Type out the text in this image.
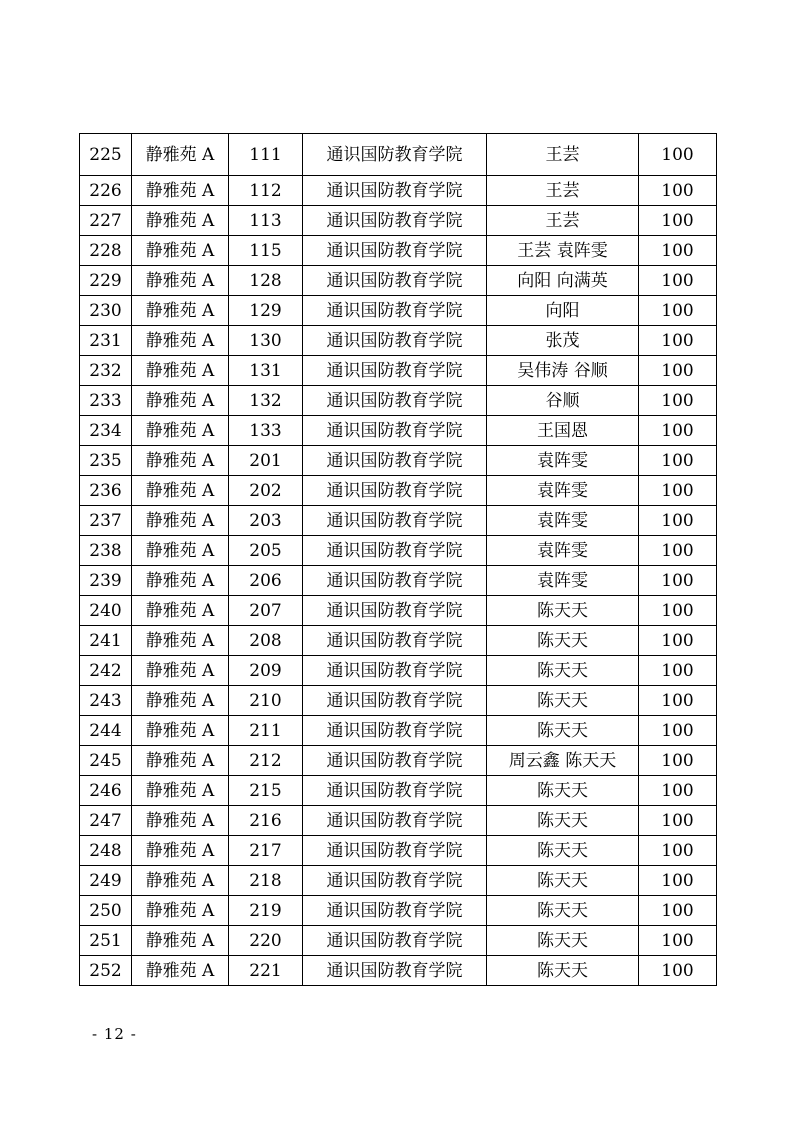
225	静雅苑 A	111	通识国防教育学院	王芸	100
226	静雅苑 A	112	通识国防教育学院	王芸	100
227	静雅苑 A	113	通识国防教育学院	王芸	100
228	静雅苑 A	115	通识国防教育学院	王芸 袁阵雯	100
229	静雅苑 A	128	通识国防教育学院	向阳 向满英	100
230	静雅苑 A	129	通识国防教育学院	向阳	100
231	静雅苑 A	130	通识国防教育学院	张茂	100
232	静雅苑 A	131	通识国防教育学院	吴伟涛 谷顺	100
233	静雅苑 A	132	通识国防教育学院	谷顺	100
234	静雅苑 A	133	通识国防教育学院	王国恩	100
235	静雅苑 A	201	通识国防教育学院	袁阵雯	100
236	静雅苑 A	202	通识国防教育学院	袁阵雯	100
237	静雅苑 A	203	通识国防教育学院	袁阵雯	100
238	静雅苑 A	205	通识国防教育学院	袁阵雯	100
239	静雅苑 A	206	通识国防教育学院	袁阵雯	100
240	静雅苑 A	207	通识国防教育学院	陈天天	100
241	静雅苑 A	208	通识国防教育学院	陈天天	100
242	静雅苑 A	209	通识国防教育学院	陈天天	100
243	静雅苑 A	210	通识国防教育学院	陈天天	100
244	静雅苑 A	211	通识国防教育学院	陈天天	100
245	静雅苑 A	212	通识国防教育学院	周云鑫 陈天天	100
246	静雅苑 A	215	通识国防教育学院	陈天天	100
247	静雅苑 A	216	通识国防教育学院	陈天天	100
248	静雅苑 A	217	通识国防教育学院	陈天天	100
249	静雅苑 A	218	通识国防教育学院	陈天天	100
250	静雅苑 A	219	通识国防教育学院	陈天天	100
251	静雅苑 A	220	通识国防教育学院	陈天天	100
252	静雅苑 A	221	通识国防教育学院	陈天天	100
- 12 -
